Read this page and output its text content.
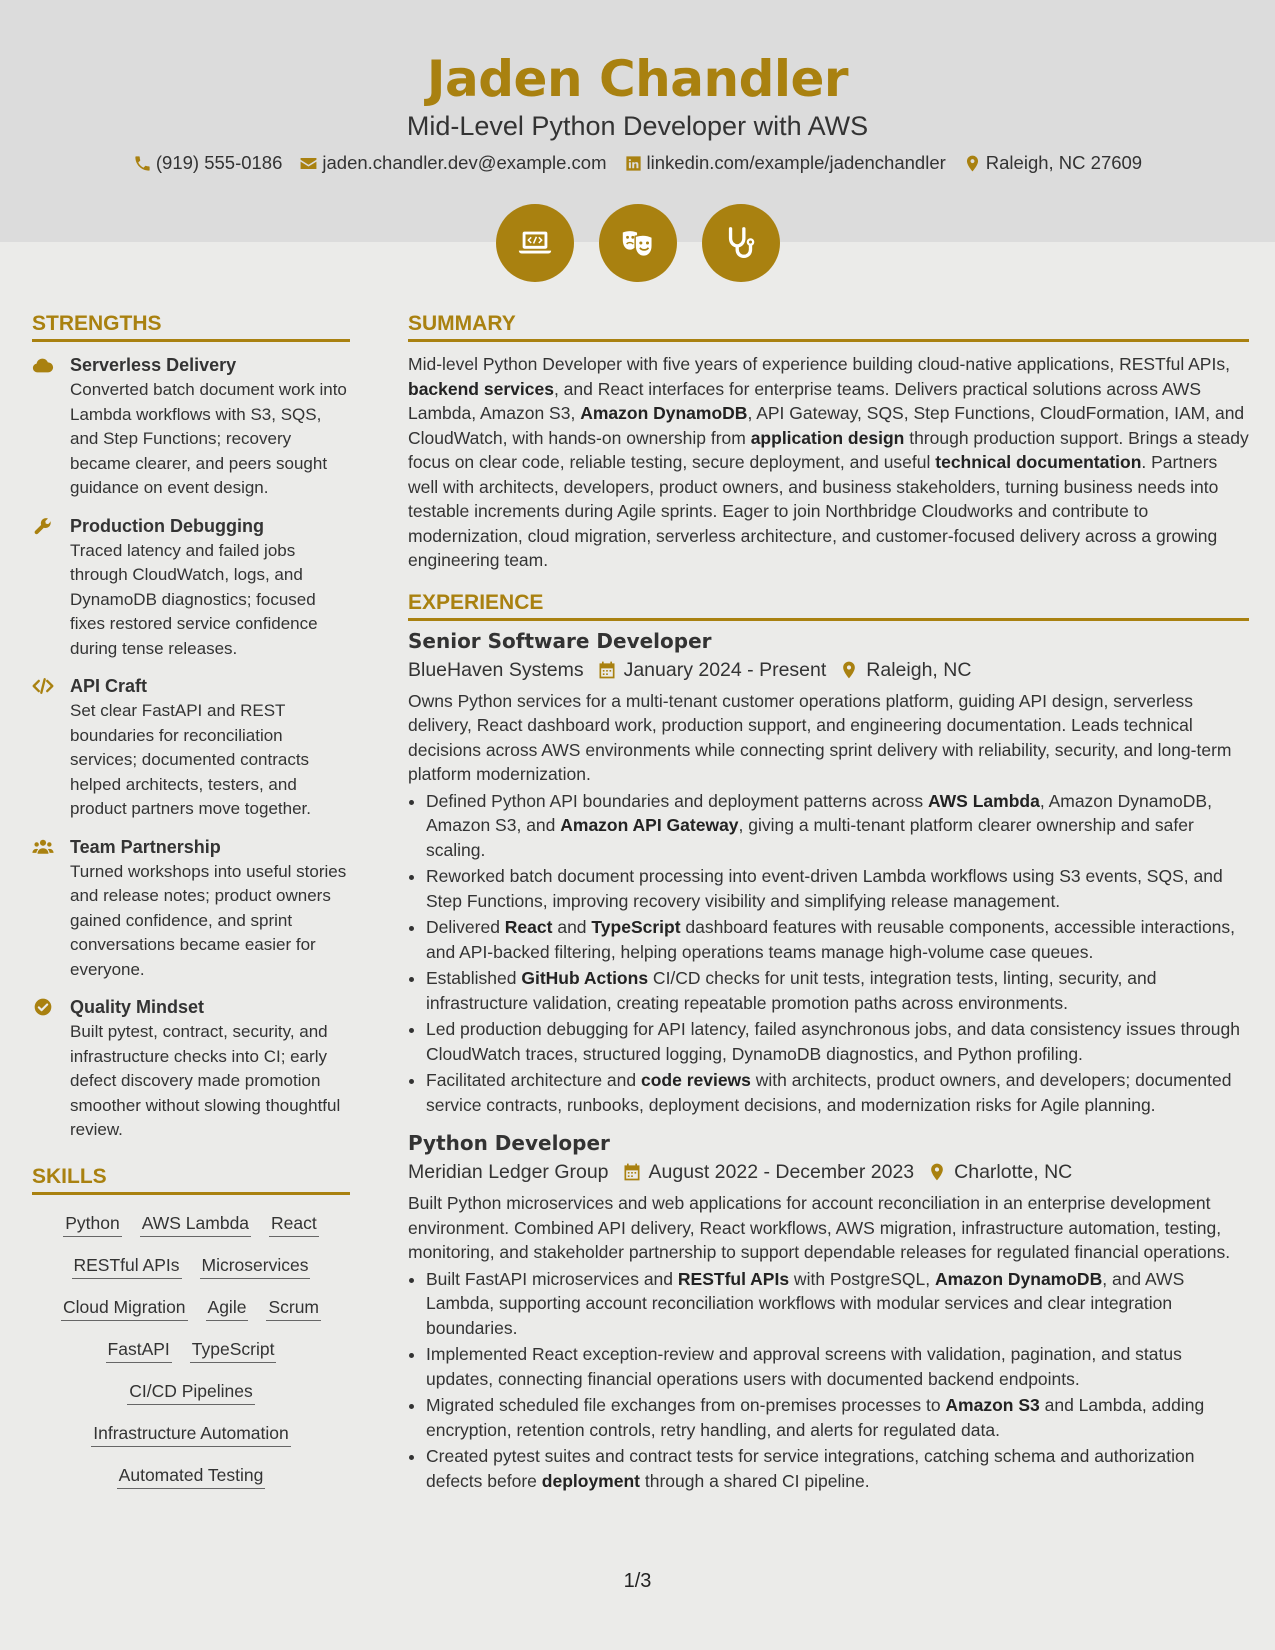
Jaden Chandler
Mid-Level Python Developer with AWS
(919) 555-0186 jaden.chandler.dev@example.com linkedin.com/example/jadenchandler Raleigh, NC 27609
STRENGTHS
Serverless Delivery
Converted batch document work into Lambda workflows with S3, SQS, and Step Functions; recovery became clearer, and peers sought guidance on event design.
Production Debugging
Traced latency and failed jobs through CloudWatch, logs, and DynamoDB diagnostics; focused fixes restored service confidence during tense releases.
API Craft
Set clear FastAPI and REST boundaries for reconciliation services; documented contracts helped architects, testers, and product partners move together.
Team Partnership
Turned workshops into useful stories and release notes; product owners gained confidence, and sprint conversations became easier for everyone.
Quality Mindset
Built pytest, contract, security, and infrastructure checks into CI; early defect discovery made promotion smoother without slowing thoughtful review.
SKILLS
Python AWS Lambda React
RESTful APIs Microservices
Cloud Migration Agile Scrum
FastAPI TypeScript
CI/CD Pipelines
Infrastructure Automation
Automated Testing
SUMMARY

Mid-level Python Developer with five years of experience building cloud-native applications, RESTful APIs, backend services, and React interfaces for enterprise teams. Delivers practical solutions across AWS Lambda, Amazon S3, Amazon DynamoDB, API Gateway, SQS, Step Functions, CloudFormation, IAM, and CloudWatch, with hands-on ownership from application design through production support. Brings a steady focus on clear code, reliable testing, secure deployment, and useful technical documentation. Partners well with architects, developers, product owners, and business stakeholders, turning business needs into testable increments during Agile sprints. Eager to join Northbridge Cloudworks and contribute to modernization, cloud migration, serverless architecture, and customer-focused delivery across a growing engineering team.

EXPERIENCE
Senior Software Developer
BlueHaven Systems January 2024 - Present Raleigh, NC

Owns Python services for a multi-tenant customer operations platform, guiding API design, serverless delivery, React dashboard work, production support, and engineering documentation. Leads technical decisions across AWS environments while connecting sprint delivery with reliability, security, and long-term platform modernization.

• Defined Python API boundaries and deployment patterns across AWS Lambda, Amazon DynamoDB, Amazon S3, and Amazon API Gateway, giving a multi-tenant platform clearer ownership and safer scaling.
• Reworked batch document processing into event-driven Lambda workflows using S3 events, SQS, and Step Functions, improving recovery visibility and simplifying release management.
• Delivered React and TypeScript dashboard features with reusable components, accessible interactions, and API-backed filtering, helping operations teams manage high-volume case queues.
• Established GitHub Actions CI/CD checks for unit tests, integration tests, linting, security, and infrastructure validation, creating repeatable promotion paths across environments.
• Led production debugging for API latency, failed asynchronous jobs, and data consistency issues through CloudWatch traces, structured logging, DynamoDB diagnostics, and Python profiling.
• Facilitated architecture and code reviews with architects, product owners, and developers; documented service contracts, runbooks, deployment decisions, and modernization risks for Agile planning.
Python Developer
Meridian Ledger Group August 2022 - December 2023 Charlotte, NC

Built Python microservices and web applications for account reconciliation in an enterprise development environment. Combined API delivery, React workflows, AWS migration, infrastructure automation, testing, monitoring, and stakeholder partnership to support dependable releases for regulated financial operations.

• Built FastAPI microservices and RESTful APIs with PostgreSQL, Amazon DynamoDB, and AWS Lambda, supporting account reconciliation workflows with modular services and clear integration boundaries.
• Implemented React exception-review and approval screens with validation, pagination, and status updates, connecting financial operations users with documented backend endpoints.
• Migrated scheduled file exchanges from on-premises processes to Amazon S3 and Lambda, adding encryption, retention controls, retry handling, and alerts for regulated data.
• Created pytest suites and contract tests for service integrations, catching schema and authorization defects before deployment through a shared CI pipeline.
1/3
